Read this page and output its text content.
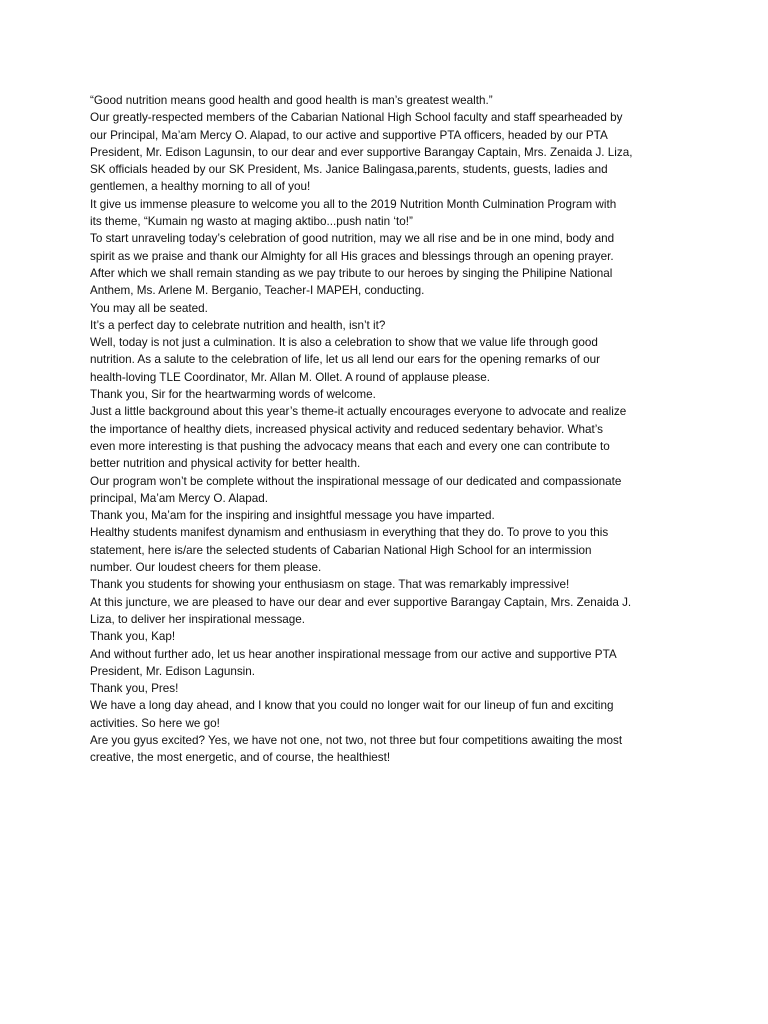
“Good nutrition means good health and good health is man’s greatest wealth.”

Our greatly-respected members of the Cabarian National High School faculty and staff spearheaded by

our Principal, Ma’am Mercy O. Alapad, to our active and supportive PTA officers, headed by our PTA

President, Mr. Edison Lagunsin, to our dear and ever supportive Barangay Captain, Mrs. Zenaida J. Liza,

SK officials headed by our SK President, Ms. Janice Balingasa,parents, students, guests, ladies and

gentlemen, a healthy morning to all of you!

It give us immense pleasure to welcome you all to the 2019 Nutrition Month Culmination Program with

its theme, “Kumain ng wasto at maging aktibo...push natin ‘to!”

To start unraveling today’s celebration of good nutrition, may we all rise and be in one mind, body and

spirit as we praise and thank our Almighty for all His graces and blessings through an opening prayer.

After which we shall remain standing as we pay tribute to our heroes by singing the Philipine National

Anthem, Ms. Arlene M. Berganio, Teacher-I MAPEH, conducting.

You may all be seated.

It’s a perfect day to celebrate nutrition and health, isn’t it?

Well, today is not just a culmination. It is also a celebration to show that we value life through good

nutrition. As a salute to the celebration of life, let us all lend our ears for the opening remarks of our

health-loving TLE Coordinator, Mr. Allan M. Ollet. A round of applause please.

Thank you, Sir for the heartwarming words of welcome.

Just a little background about this year’s theme-it actually encourages everyone to advocate and realize

the importance of healthy diets, increased physical activity and reduced sedentary behavior. What’s

even more interesting is that pushing the advocacy means that each and every one can contribute to

better nutrition and physical activity for better health.

Our program won’t be complete without the inspirational message of our dedicated and compassionate

principal, Ma’am Mercy O. Alapad.

Thank you, Ma’am for the inspiring and insightful message you have imparted.

Healthy students manifest dynamism and enthusiasm in everything that they do. To prove to you this

statement, here is/are the selected students of Cabarian National High School for an intermission

number. Our loudest cheers for them please.

Thank you students for showing your enthusiasm on stage. That was remarkably impressive!

At this juncture, we are pleased to have our dear and ever supportive Barangay Captain, Mrs. Zenaida J.

Liza, to deliver her inspirational message.

Thank you, Kap!

And without further ado, let us hear another inspirational message from our active and supportive PTA

President, Mr. Edison Lagunsin.

Thank you, Pres!

We have a long day ahead, and I know that you could no longer wait for our lineup of fun and exciting

activities. So here we go!

Are you gyus excited? Yes, we have not one, not two, not three but four competitions awaiting the most

creative, the most energetic, and of course, the healthiest!
